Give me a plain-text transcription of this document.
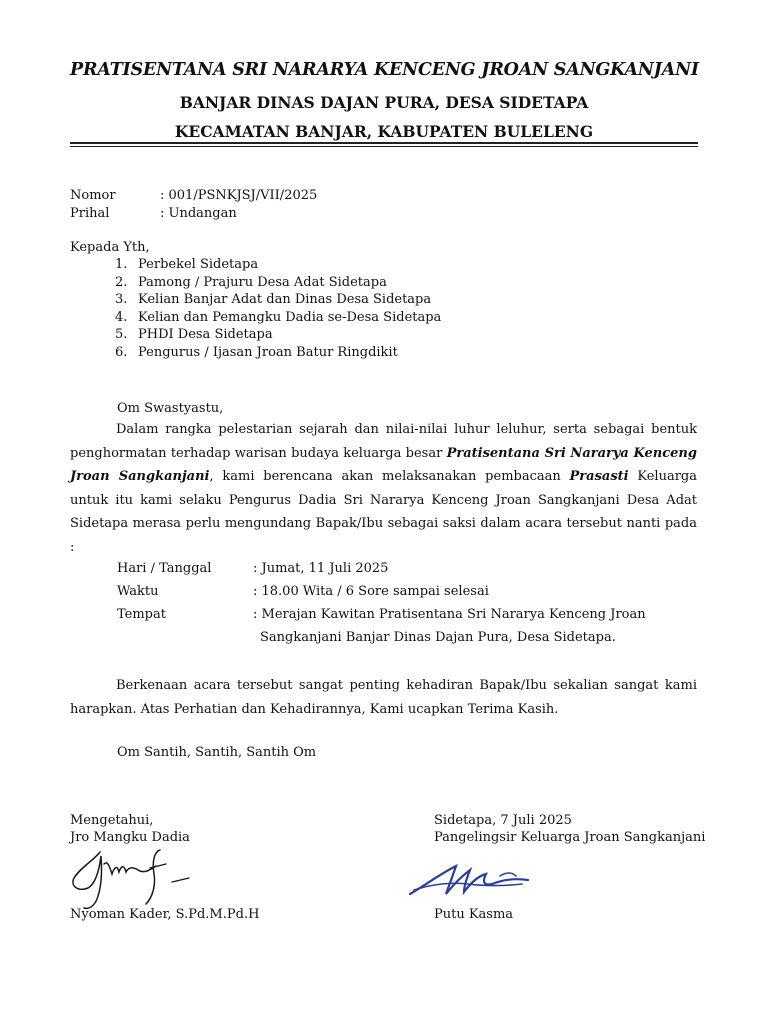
PRATISENTANA SRI NARARYA KENCENG JROAN SANGKANJANI
BANJAR DINAS DAJAN PURA, DESA SIDETAPA
KECAMATAN BANJAR, KABUPATEN BULELENG
Nomor	: 001/PSNKJSJ/VII/2025
Prihal	: Undangan
Kepada Yth,
1. Perbekel Sidetapa
2. Pamong / Prajuru Desa Adat Sidetapa
3. Kelian Banjar Adat dan Dinas Desa Sidetapa
4. Kelian dan Pemangku Dadia se-Desa Sidetapa
5. PHDI Desa Sidetapa
6. Pengurus / Ijasan Jroan Batur Ringdikit
Om Swastyastu,
Dalam rangka pelestarian sejarah dan nilai-nilai luhur leluhur, serta sebagai bentuk penghormatan terhadap warisan budaya keluarga besar Pratisentana Sri Nararya Kenceng Jroan Sangkanjani, kami berencana akan melaksanakan pembacaan Prasasti Keluarga untuk itu kami selaku Pengurus Dadia Sri Nararya Kenceng Jroan Sangkanjani Desa Adat Sidetapa merasa perlu mengundang Bapak/Ibu sebagai saksi dalam acara tersebut nanti pada :
Hari / Tanggal	: Jumat, 11 Juli 2025
Waktu	: 18.00 Wita / 6 Sore sampai selesai
Tempat	: Merajan Kawitan Pratisentana Sri Nararya Kenceng Jroan
Sangkanjani Banjar Dinas Dajan Pura, Desa Sidetapa.
Berkenaan acara tersebut sangat penting kehadiran Bapak/Ibu sekalian sangat kami harapkan. Atas Perhatian dan Kehadirannya, Kami ucapkan Terima Kasih.
Om Santih, Santih, Santih Om
Mengetahui,
Jro Mangku Dadia
Nyoman Kader, S.Pd.M.Pd.H
Sidetapa, 7 Juli 2025
Pangelingsir Keluarga Jroan Sangkanjani
Putu Kasma
